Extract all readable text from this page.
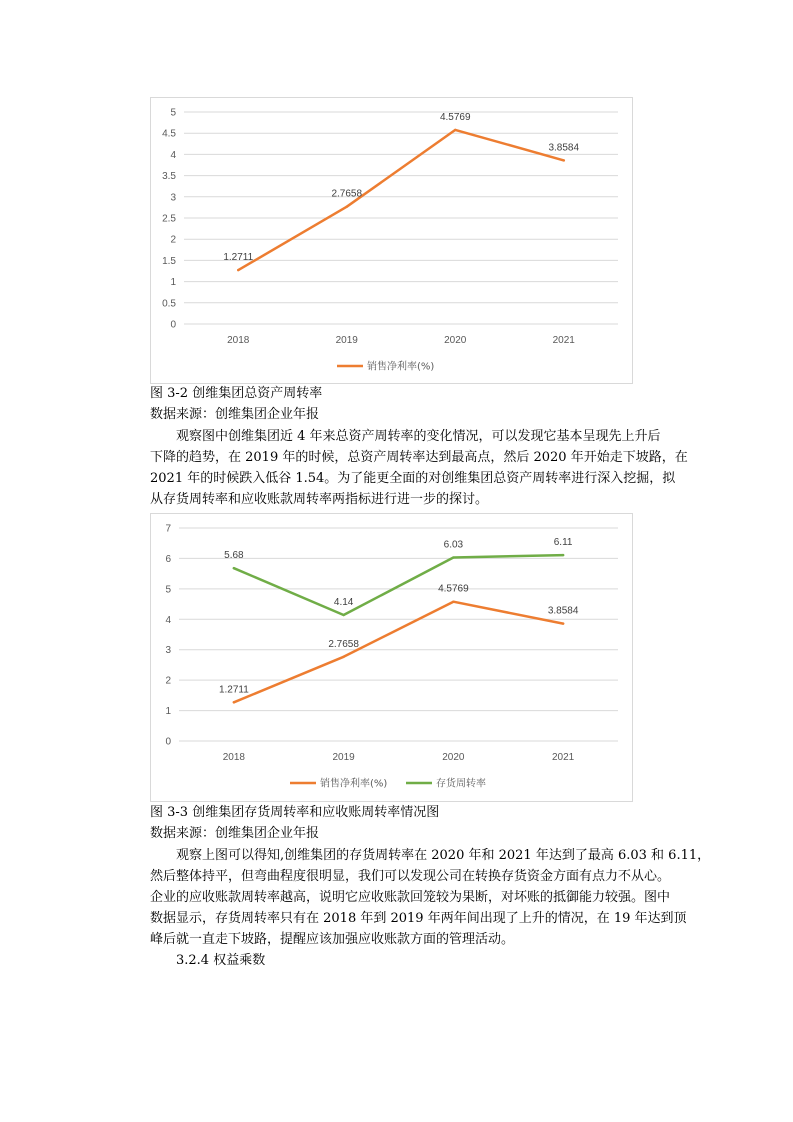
0
0.5
1
1.5
2
2.5
3
3.5
4
4.5
5
2018	2019	2020	2021
1.2711
2.7658
4.5769
3.8584
销售净利率(%)
图 3-2 创维集团总资产周转率
数据来源：创维集团企业年报
观察图中创维集团近 4 年来总资产周转率的变化情况，可以发现它基本呈现先上升后
下降的趋势，在 2019 年的时候，总资产周转率达到最高点，然后 2020 年开始走下坡路，在
2021 年的时候跌入低谷 1.54。为了能更全面的对创维集团总资产周转率进行深入挖掘，拟
从存货周转率和应收账款周转率两指标进行进一步的探讨。
0
1
2
3
4
5
6
7
2018	2019	2020	2021
1.2711
2.7658
4.5769
3.8584
5.68
4.14
6.03	6.11
销售净利率(%)	存货周转率
图 3-3 创维集团存货周转率和应收账周转率情况图
数据来源：创维集团企业年报
观察上图可以得知,创维集团的存货周转率在 2020 年和 2021 年达到了最高 6.03 和 6.11，
然后整体持平，但弯曲程度很明显，我们可以发现公司在转换存货资金方面有点力不从心。
企业的应收账款周转率越高，说明它应收账款回笼较为果断，对坏账的抵御能力较强。图中
数据显示，存货周转率只有在 2018 年到 2019 年两年间出现了上升的情况，在 19 年达到顶
峰后就一直走下坡路，提醒应该加强应收账款方面的管理活动。
3.2.4 权益乘数
